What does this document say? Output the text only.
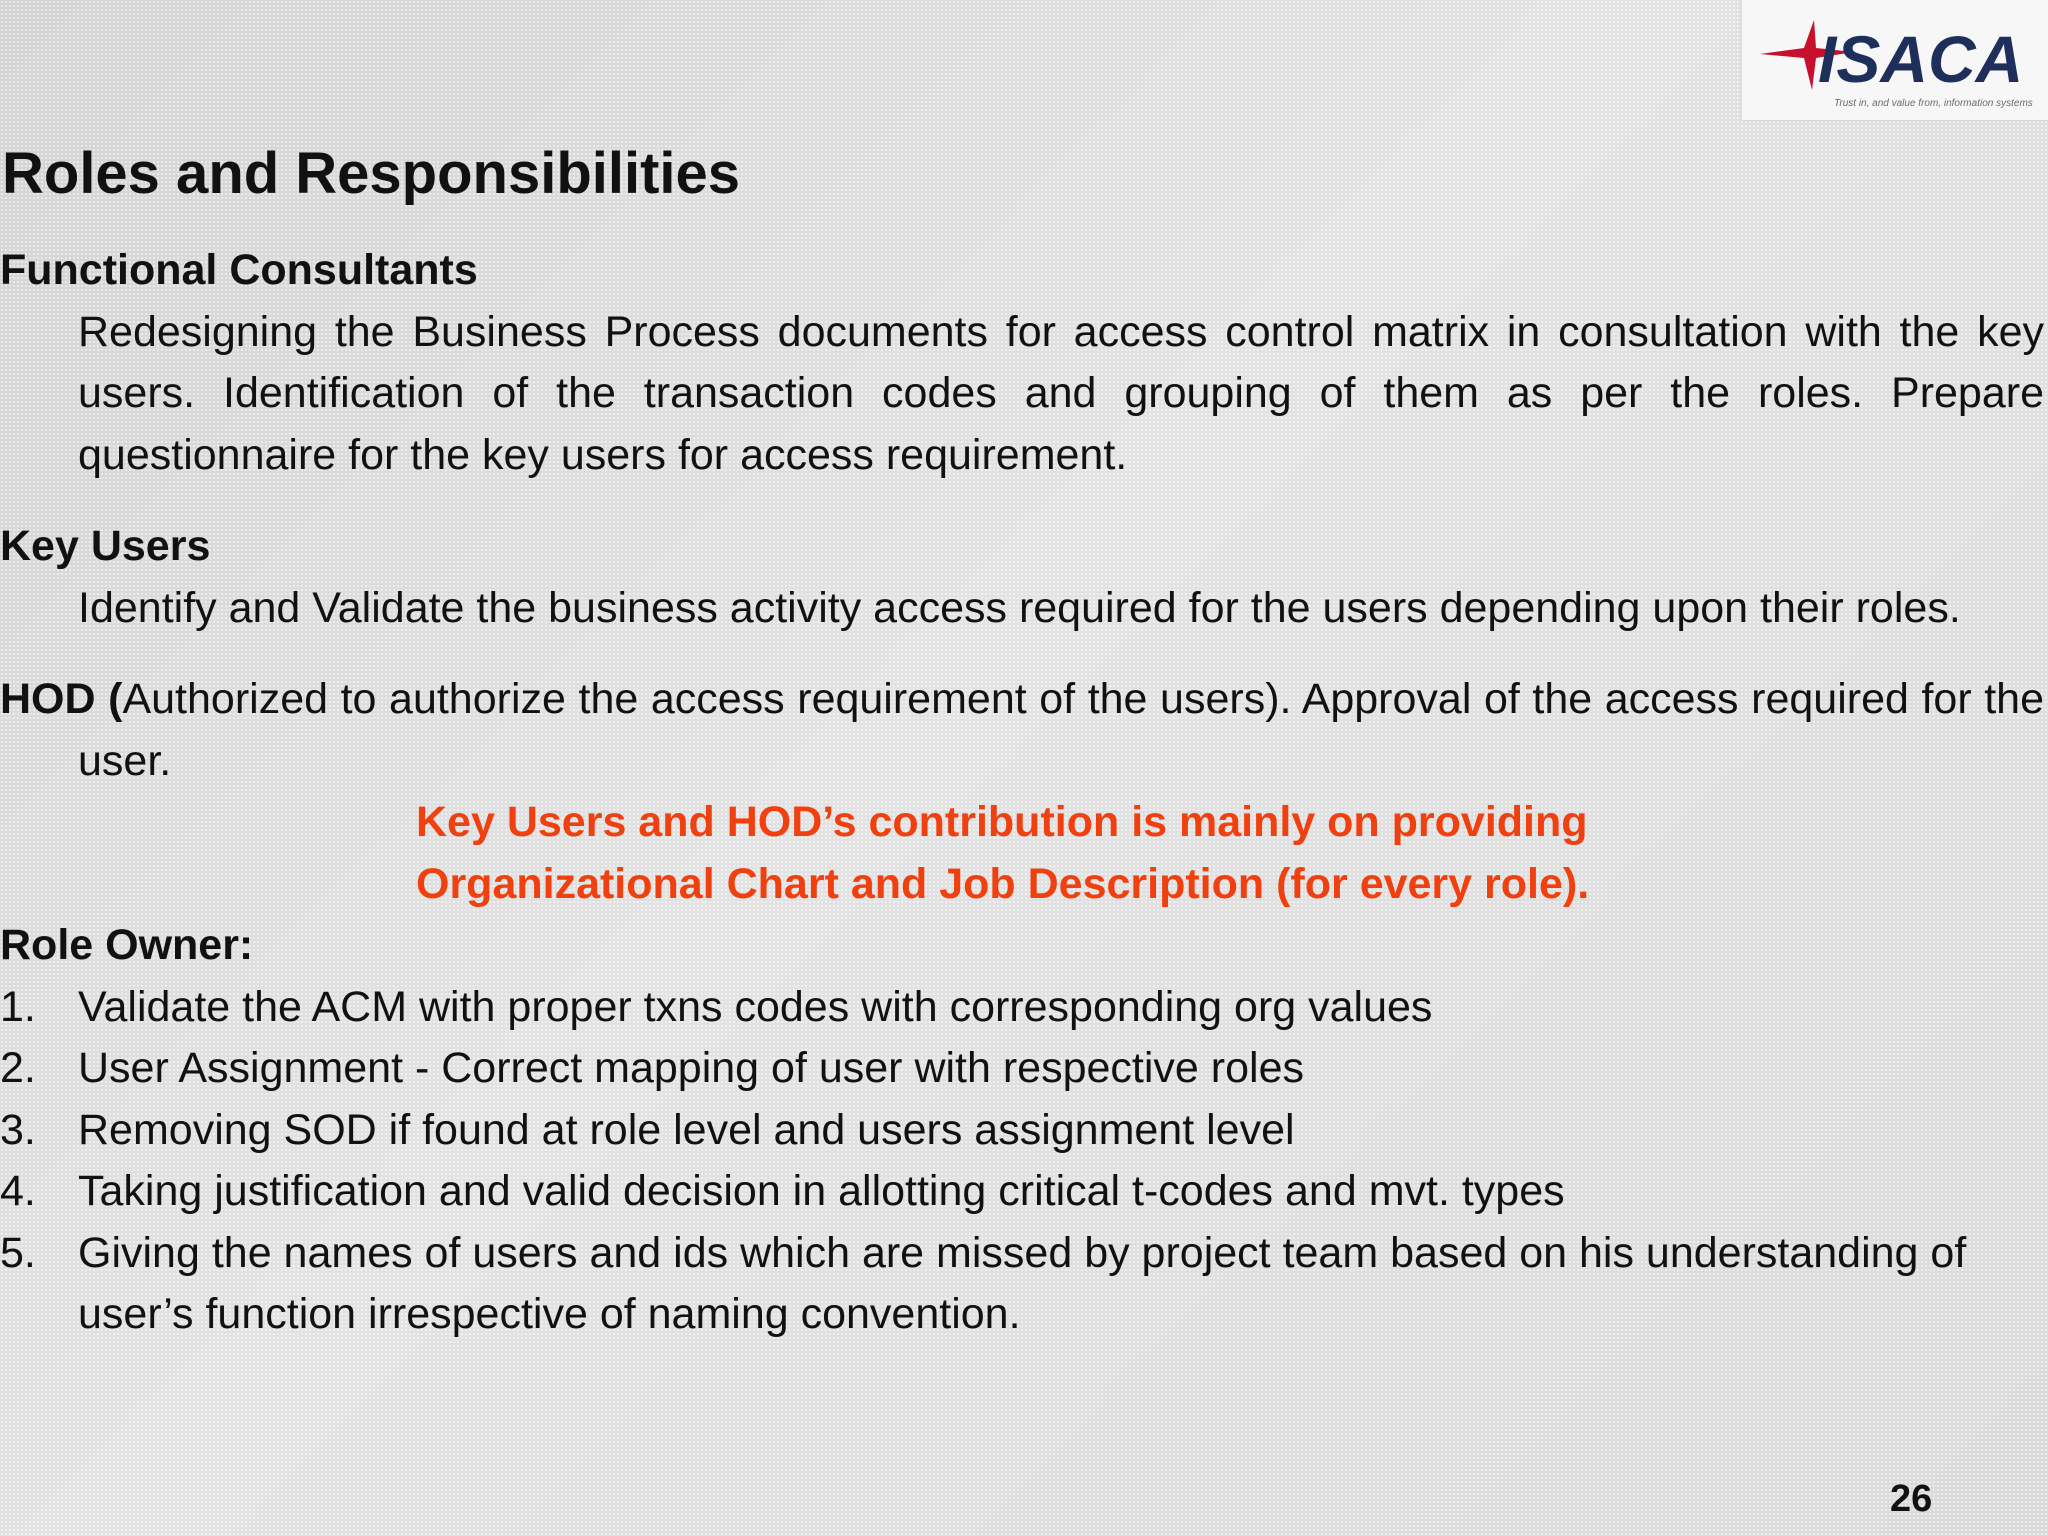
ISACA
Trust in, and value from, information systems
Roles and Responsibilities
Functional Consultants

Redesigning the Business Process documents for access control matrix in consultation with the key users. Identification of the transaction codes and grouping of them as per the roles. Prepare questionnaire for the key users for access requirement.

Key Users

Identify and Validate the business activity access required for the users depending upon their roles.

HOD (Authorized to authorize the access requirement of the users). Approval of the access required for the user.

Key Users and HOD’s contribution is mainly on providing
Organizational Chart and Job Description (for every role).
Role Owner:
1. Validate the ACM with proper txns codes with corresponding org values
2. User Assignment - Correct mapping of user with respective roles
3. Removing SOD if found at role level and users assignment level
4. Taking justification and valid decision in allotting critical t-codes and mvt. types
5. Giving the names of users and ids which are missed by project team based on his understanding of user’s function irrespective of naming convention.
26
